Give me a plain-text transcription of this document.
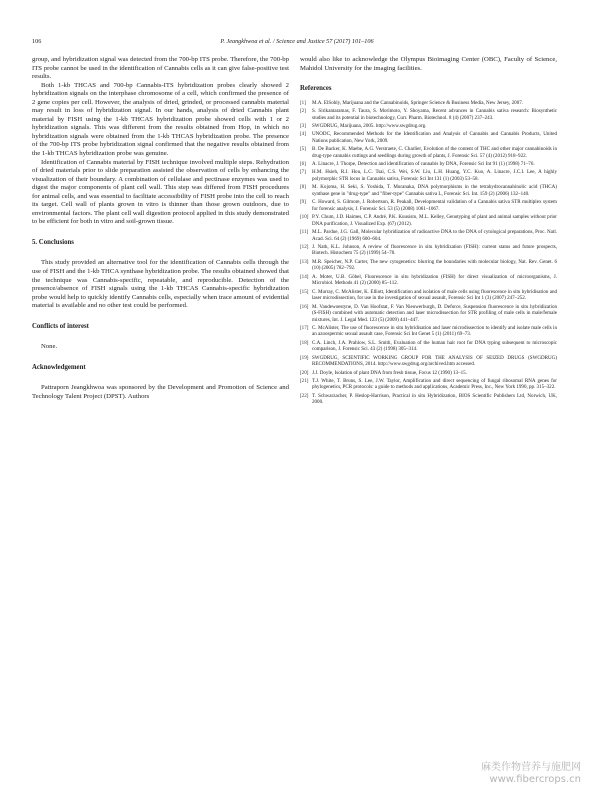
106	P. Jeangkhwoa et al. / Science and Justice 57 (2017) 101–106

group, and hybridization signal was detected from the 700-bp ITS probe. Therefore, the 700-bp ITS probe cannot be used in the identification of Cannabis cells as it can give false-positive test results.

Both 1-kb THCAS and 700-bp Cannabis-ITS hybridization probes clearly showed 2 hybridization signals on the interphase chromosome of a cell, which confirmed the presence of 2 gene copies per cell. However, the analysis of dried, grinded, or processed cannabis material may result in loss of hybridization signal. In our hands, analysis of dried Cannabis plant material by FISH using the 1-kb THCAS hybridization probe showed cells with 1 or 2 hybridization signals. This was different from the results obtained from Hop, in which no hybridization signals were obtained from the 1-kb THCAS hybridization probe. The presence of the 700-bp ITS probe hybridization signal confirmed that the negative results obtained from the 1-kb THCAS hybridization probe was genuine.

Identification of Cannabis material by FISH technique involved multiple steps. Rehydration of dried materials prior to slide preparation assisted the observation of cells by enhancing the visualization of their boundary. A combination of cellulase and pectinase enzymes was used to digest the major components of plant cell wall. This step was differed from FISH procedures for animal cells, and was essential to facilitate accessibility of FISH probe into the cell to reach its target. Cell wall of plants grown in vitro is thinner than those grown outdoors, due to environmental factors. The plant cell wall digestion protocol applied in this study demonstrated to be efficient for both in vitro and soil-grown tissue.

5. Conclusions

This study provided an alternative tool for the identification of Cannabis cells through the use of FISH and the 1-kb THCA synthase hybridization probe. The results obtained showed that the technique was Cannabis-specific, repeatable, and reproducible. Detection of the presence/absence of FISH signals using the 1-kb THCAS Cannabis-specific hybridization probe would help to quickly identify Cannabis cells, especially when trace amount of evidential material is available and no other test could be performed.

Conflicts of interest

None.

Acknowledgement

Pattraporn Jeangkhwoa was sponsored by the Development and Promotion of Science and Technology Talent Project (DPST). Authors

would also like to acknowledge the Olympus Bioimaging Center (OBC), Faculty of Science, Mahidol University for the imaging facilities.

References

[1]	M.A. ElSohly, Marijuana and the Cannabinoids, Springer Science & Business Media, New Jersey, 2007.
[2]	S. Sirikantaramas, F. Taura, S. Morimoto, Y. Shoyama, Recent advances in Cannabis sativa research: Biosynthetic studies and its potential in biotechnology, Curr. Pharm. Biotechnol. 8 (4) (2007) 237–243.
[3]	SWGDRUG, Marijuana, 2005. http://www.swgdrug.org.
[4]	UNODC, Recommended Methods for the Identification and Analysis of Cannabis and Cannabis Products, United Nations publication, New York, 2009.
[5]	B. De Backer, K. Maebe, A.G. Verstraete, C. Charlier, Evolution of the content of THC and other major cannabinoids in drug-type cannabis cuttings and seedlings during growth of plants, J. Forensic Sci. 57 (4) (2012) 918–922.
[6]	A. Linacre, J. Thorpe, Detection and identification of cannabis by DNA, Forensic Sci Int 91 (1) (1998) 71–76.
[7]	H.M. Hsieh, R.J. Hou, L.C. Tsai, C.S. Wei, S.W. Liu, L.H. Huang, Y.C. Kuo, A. Linacre, J.C.I. Lee, A highly polymorphic STR locus in Cannabis sativa, Forensic Sci Int 131 (1) (2003) 53–58.
[8]	M. Kojoma, H. Seki, S. Yoshida, T. Muranaka, DNA polymorphisms in the tetrahydrocannabinolic acid (THCA) synthase gene in "drug-type" and "fiber-type" Cannabis sativa L, Forensic Sci. Int. 159 (2) (2006) 132–140.
[9]	C. Howard, S. Gilmore, J. Robertson, R. Peakall, Developmental validation of a Cannabis sativa STR multiplex system for forensic analysis, J. Forensic Sci. 53 (5) (2008) 1061–1067.
[10] P.Y. Chum, J.D. Haimes, C.P. André, P.K. Kuusisto, M.L. Kelley, Genotyping of plant and animal samples without prior DNA purification, J. Visualized Exp. (67) (2012).
[11] M.L. Pardue, J.G. Gall, Molecular hybridization of radioactive DNA to the DNA of cytological preparations, Proc. Natl. Acad. Sci. 64 (2) (1969) 600–604.
[12] J. Nath, K.L. Johnson, A review of fluorescence in situ hybridization (FISH): current status and future prospects, Biotech. Histochem 75 (2) (1999) 54–78.
[13] M.R. Speicher, N.P. Carter, The new cytogenetics: blurring the boundaries with molecular biology, Nat. Rev. Genet. 6 (10) (2005) 782–792.
[14] A. Moter, U.B. Göbel, Fluorescence in situ hybridization (FISH) for direct visualization of microorganisms, J. Microbiol. Methods 41 (2) (2000) 85–112.
[15] C. Murray, C. McAlister, K. Elliott, Identification and isolation of male cells using fluorescence in situ hybridisation and laser microdissection, for use in the investigation of sexual assault, Forensic Sci Int 1 (3) (2007) 247–252.
[16] M. Vandewoestyne, D. Van Hoofstat, F. Van Nieuwerburgh, D. Deforce, Suspension fluorescence in situ hybridization (S-FISH) combined with automatic detection and laser microdissection for STR profiling of male cells in male/female mixtures, Int. J. Legal Med. 123 (5) (2009) 441–447.
[17] C. McAlister, The use of fluorescence in situ hybridisation and laser microdissection to identify and isolate male cells in an azoospermic sexual assault case, Forensic Sci Int Genet 5 (1) (2011) 69–73.
[18] C.A. Linch, J.A. Prahlow, S.L. Smith, Evaluation of the human hair root for DNA typing subsequent to microscopic comparison, J. Forensic Sci. 43 (2) (1998) 305–314.
[19] SWGDRUG, SCIENTIFIC WORKING GROUP FOR THE ANALYSIS OF SEIZED DRUGS (SWGDRUG) RECOMMENDATIONS, 2014. http://www.swgdrug.org/archived.htm accessed.
[20] J.J. Doyle, Isolation of plant DNA from fresh tissue, Focus 12 (1990) 13–15.
[21] T.J. White, T. Bruns, S. Lee, J.W. Taylor, Amplification and direct sequencing of fungal ribosomal RNA genes for phylogenetics, PCR protocols: a guide to methods and applications, Academic Press, Inc., New York 1990, pp. 315–322.
[22] T. Schwarzacher, P. Heslop-Harrison, Practical in situ Hybridization, BIOS Scientific Publishers Ltd, Norwich, UK, 2000.
麻类作物营养与施肥网
www.fibercrops.cn
